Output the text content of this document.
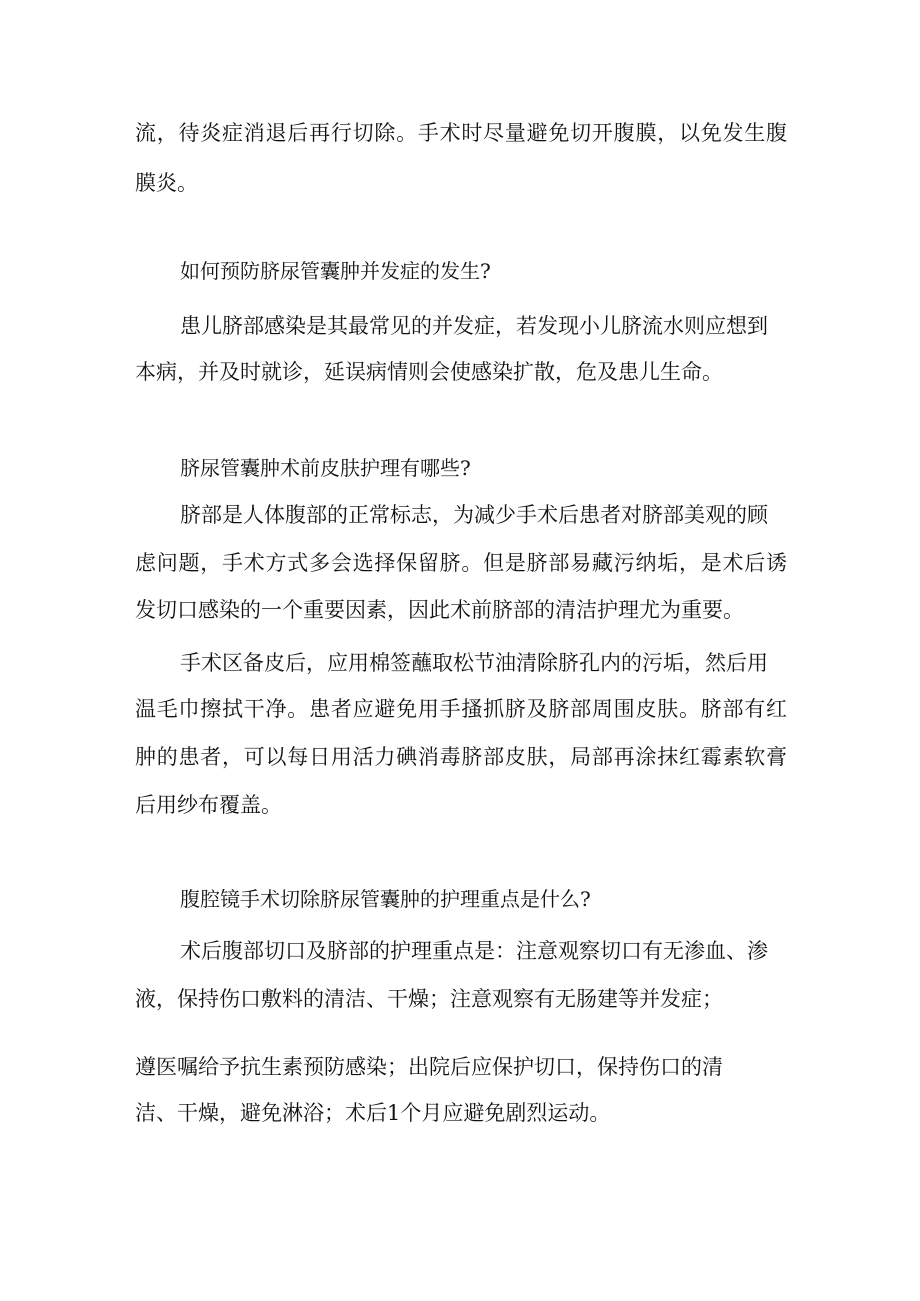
流，待炎症消退后再行切除。手术时尽量避免切开腹膜，以免发生腹

膜炎。

如何预防脐尿管囊肿并发症的发生?

患儿脐部感染是其最常见的并发症，若发现小儿脐流水则应想到

本病，并及时就诊，延误病情则会使感染扩散，危及患儿生命。

脐尿管囊肿术前皮肤护理有哪些?

脐部是人体腹部的正常标志，为减少手术后患者对脐部美观的顾

虑问题，手术方式多会选择保留脐。但是脐部易藏污纳垢，是术后诱

发切口感染的一个重要因素，因此术前脐部的清洁护理尤为重要。

手术区备皮后，应用棉签蘸取松节油清除脐孔内的污垢，然后用

温毛巾擦拭干净。患者应避免用手搔抓脐及脐部周围皮肤。脐部有红

肿的患者，可以每日用活力碘消毒脐部皮肤，局部再涂抹红霉素软膏

后用纱布覆盖。

腹腔镜手术切除脐尿管囊肿的护理重点是什么?

术后腹部切口及脐部的护理重点是：注意观察切口有无渗血、渗

液，保持伤口敷料的清洁、干燥；注意观察有无肠建等并发症；

遵医嘱给予抗生素预防感染；出院后应保护切口，保持伤口的清

洁、干燥，避免淋浴；术后1个月应避免剧烈运动。
